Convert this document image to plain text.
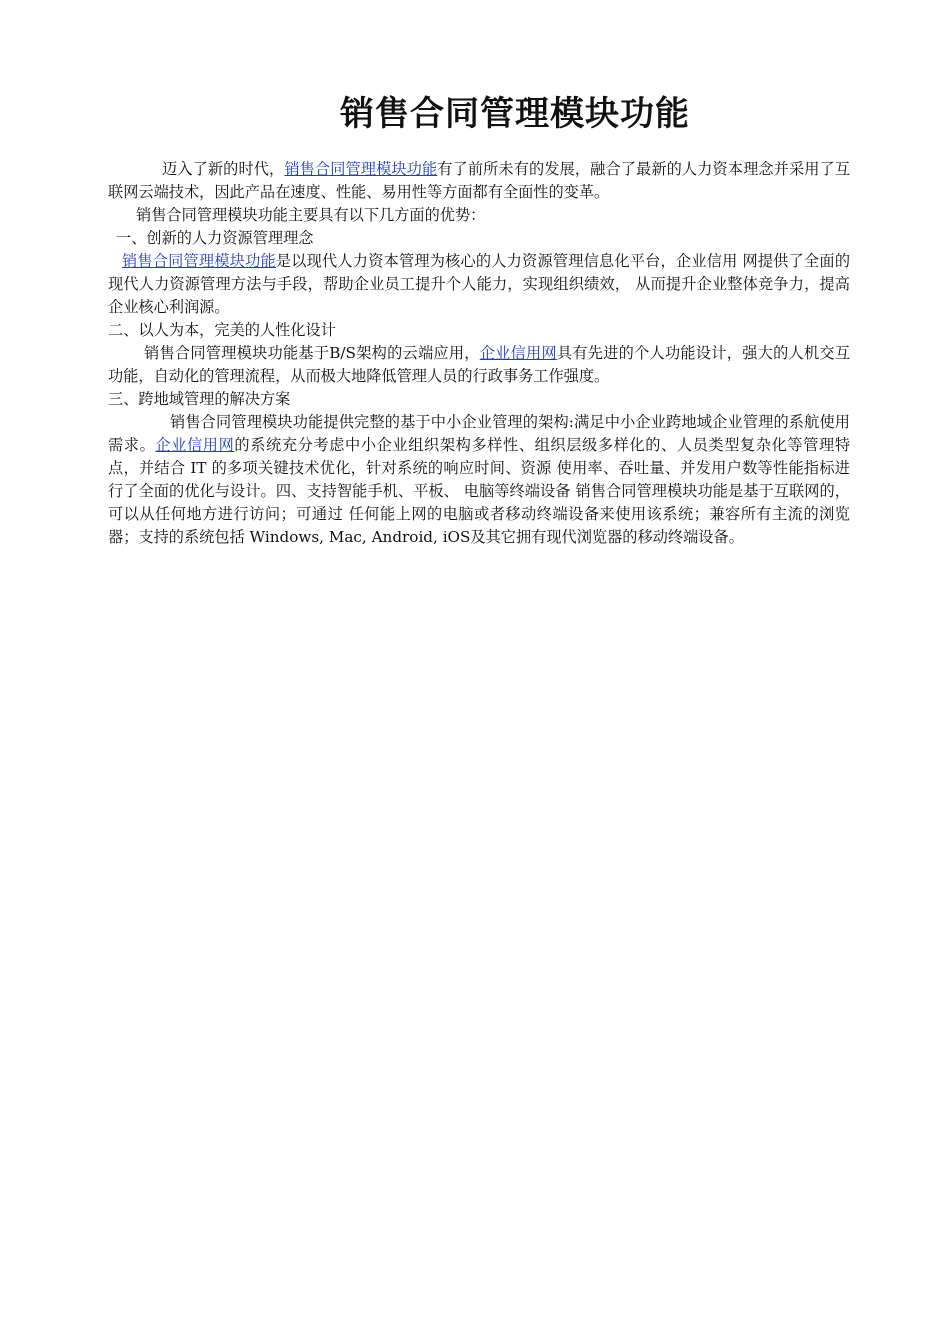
销售合同管理模块功能

迈入了新的时代，销售合同管理模块功能有了前所未有的发展，融合了最新的人力资本理念并采用了互联网云端技术，因此产品在速度、性能、易用性等方面都有全面性的变革。

销售合同管理模块功能主要具有以下几方面的优势：

一、创新的人力资源管理理念

销售合同管理模块功能是以现代人力资本管理为核心的人力资源管理信息化平台，企业信用 网提供了全面的现代人力资源管理方法与手段，帮助企业员工提升个人能力，实现组织绩效， 从而提升企业整体竞争力，提高企业核心利润源。

二、以人为本，完美的人性化设计

销售合同管理模块功能基于B/S架构的云端应用，企业信用网具有先进的个人功能设计，强大的人机交互功能，自动化的管理流程，从而极大地降低管理人员的行政事务工作强度。

三、跨地域管理的解决方案

销售合同管理模块功能提供完整的基于中小企业管理的架构:满足中小企业跨地域企业管理的系航使用需求。企业信用网的系统充分考虑中小企业组织架构多样性、组织层级多样化的、人员类型复杂化等管理特点，并结合 IT 的多项关键技术优化，针对系统的响应时间、资源 使用率、吞吐量、并发用户数等性能指标进行了全面的优化与设计。四、支持智能手机、平板、 电脑等终端设备 销售合同管理模块功能是基于互联网的，可以从任何地方进行访问；可通过 任何能上网的电脑或者移动终端设备来使用该系统；兼容所有主流的浏览器；支持的系统包括 Windows, Mac, Android, iOS及其它拥有现代浏览器的移动终端设备。
